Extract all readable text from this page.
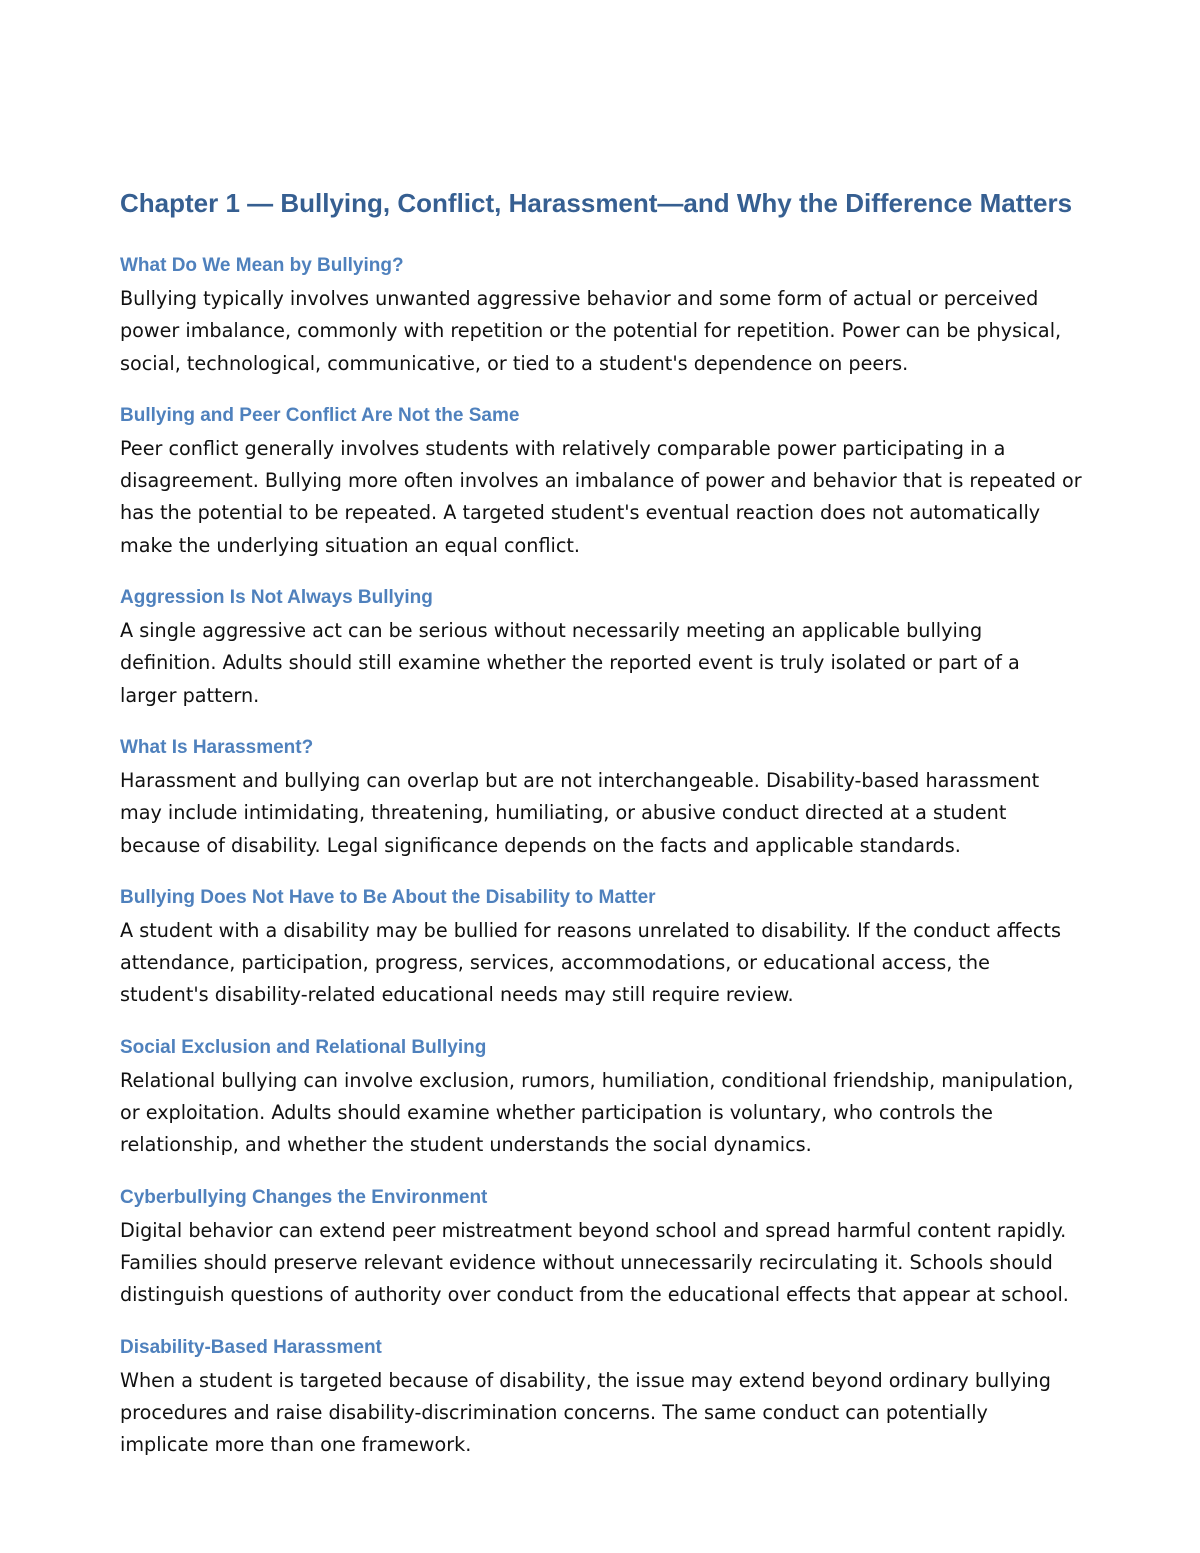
Chapter 1 — Bullying, Conflict, Harassment—and Why the Difference Matters
What Do We Mean by Bullying?

Bullying typically involves unwanted aggressive behavior and some form of actual or perceived power imbalance, commonly with repetition or the potential for repetition. Power can be physical, social, technological, communicative, or tied to a student's dependence on peers.

Bullying and Peer Conflict Are Not the Same

Peer conflict generally involves students with relatively comparable power participating in a disagreement. Bullying more often involves an imbalance of power and behavior that is repeated or has the potential to be repeated. A targeted student's eventual reaction does not automatically make the underlying situation an equal conflict.

Aggression Is Not Always Bullying

A single aggressive act can be serious without necessarily meeting an applicable bullying definition. Adults should still examine whether the reported event is truly isolated or part of a larger pattern.

What Is Harassment?

Harassment and bullying can overlap but are not interchangeable. Disability-based harassment may include intimidating, threatening, humiliating, or abusive conduct directed at a student because of disability. Legal significance depends on the facts and applicable standards.

Bullying Does Not Have to Be About the Disability to Matter

A student with a disability may be bullied for reasons unrelated to disability. If the conduct affects attendance, participation, progress, services, accommodations, or educational access, the student's disability-related educational needs may still require review.

Social Exclusion and Relational Bullying

Relational bullying can involve exclusion, rumors, humiliation, conditional friendship, manipulation, or exploitation. Adults should examine whether participation is voluntary, who controls the relationship, and whether the student understands the social dynamics.

Cyberbullying Changes the Environment

Digital behavior can extend peer mistreatment beyond school and spread harmful content rapidly. Families should preserve relevant evidence without unnecessarily recirculating it. Schools should distinguish questions of authority over conduct from the educational effects that appear at school.

Disability-Based Harassment

When a student is targeted because of disability, the issue may extend beyond ordinary bullying procedures and raise disability-discrimination concerns. The same conduct can potentially implicate more than one framework.
